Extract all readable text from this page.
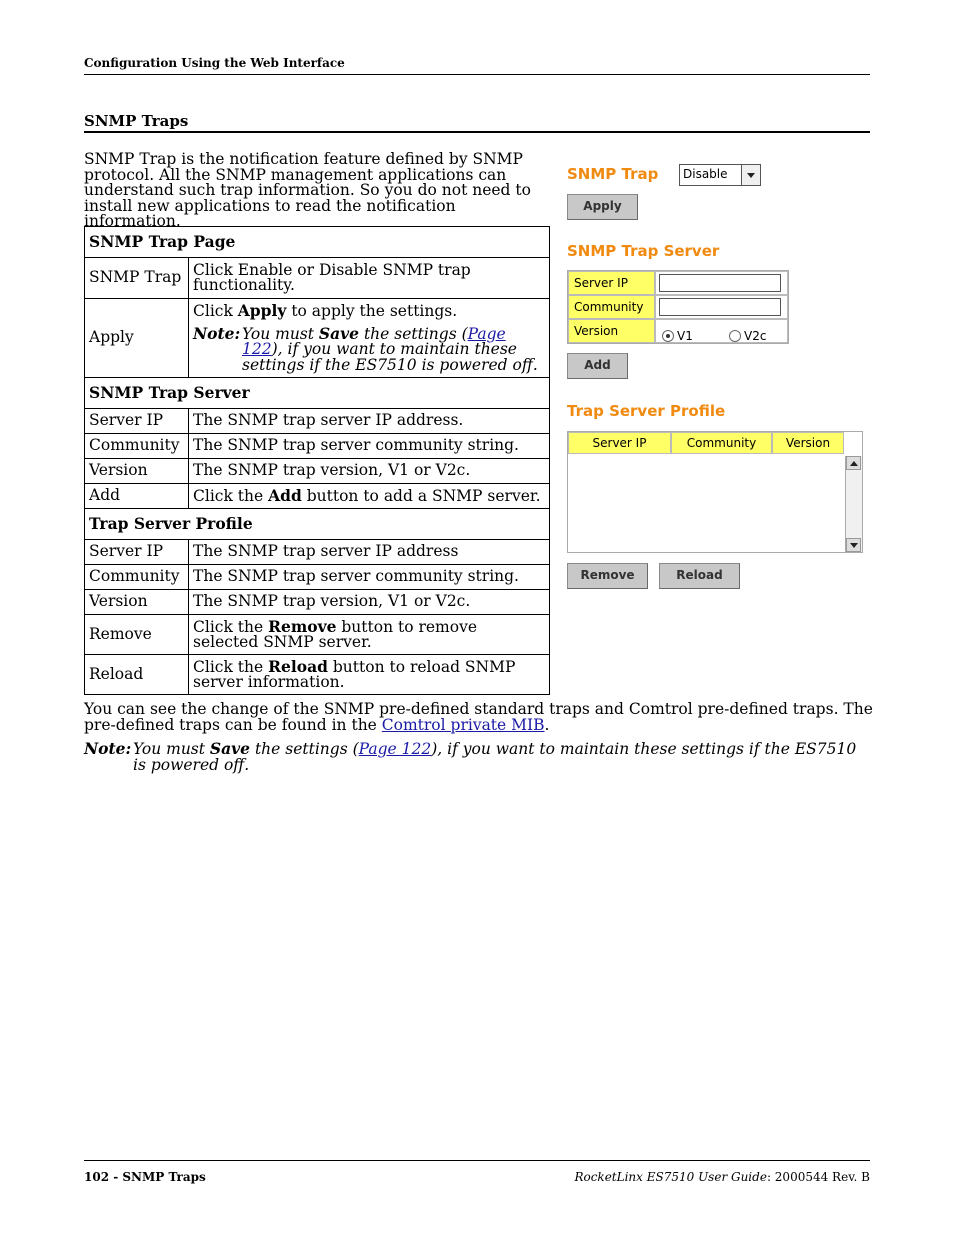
Configuration Using the Web Interface
SNMP Traps
SNMP Trap is the notification feature defined by SNMP protocol. All the SNMP management applications can understand such trap information. So you do not need to install new applications to read the notification information.
SNMP Trap Page	
SNMP Trap	Click Enable or Disable SNMP trap functionality.
Apply	Click Apply to apply the settings.
Note: You must Save the settings (Page 122), if you want to maintain these settings if the ES7510 is powered off.

SNMP Trap Server	
Server IP	The SNMP trap server IP address.
Community	The SNMP trap server community string.
Version	The SNMP trap version, V1 or V2c.
Add	Click the Add button to add a SNMP server.
Trap Server Profile	
Server IP	The SNMP trap server IP address
Community	The SNMP trap server community string.
Version	The SNMP trap version, V1 or V2c.
Remove	Click the Remove button to remove selected SNMP server.
Reload	Click the Reload button to reload SNMP server information.
You can see the change of the SNMP pre-defined standard traps and Comtrol pre-defined traps. The pre-defined traps can be found in the Comtrol private MIB.
Note: You must Save the settings (Page 122), if you want to maintain these settings if the ES7510 is powered off.
SNMP Trap Disable
Apply
SNMP Trap Server
Server IP
Community
Version	V1	V2c
Add
Trap Server Profile
Server IP	Community	Version
Remove	Reload
102 - SNMP Traps	RocketLinx ES7510 User Guide: 2000544 Rev. B
